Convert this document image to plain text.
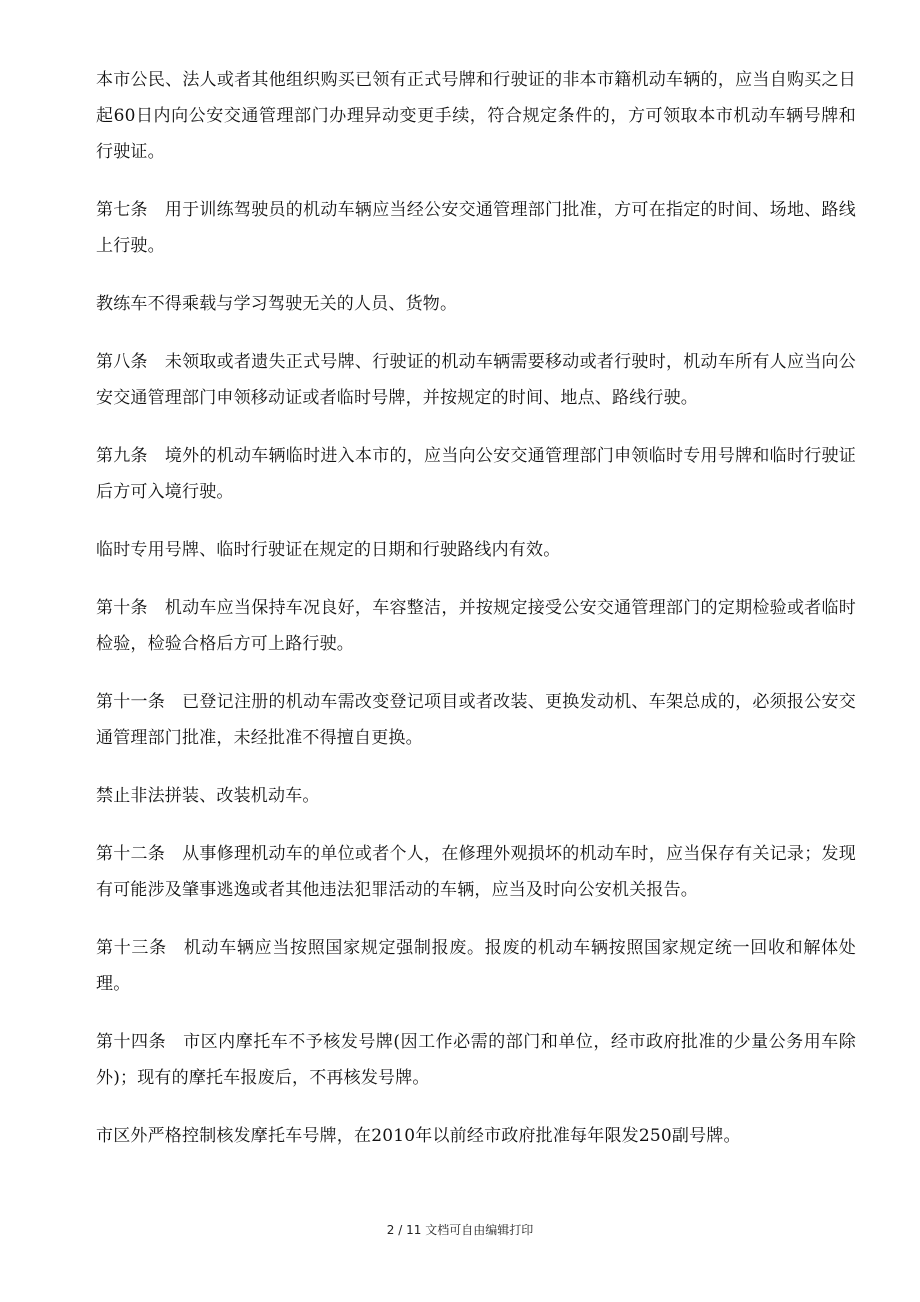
本市公民、法人或者其他组织购买已领有正式号牌和行驶证的非本市籍机动车辆的，应当自购买之日起60日内向公安交通管理部门办理异动变更手续，符合规定条件的，方可领取本市机动车辆号牌和行驶证。

第七条 用于训练驾驶员的机动车辆应当经公安交通管理部门批准，方可在指定的时间、场地、路线上行驶。

教练车不得乘载与学习驾驶无关的人员、货物。

第八条 未领取或者遗失正式号牌、行驶证的机动车辆需要移动或者行驶时，机动车所有人应当向公安交通管理部门申领移动证或者临时号牌，并按规定的时间、地点、路线行驶。

第九条 境外的机动车辆临时进入本市的，应当向公安交通管理部门申领临时专用号牌和临时行驶证后方可入境行驶。

临时专用号牌、临时行驶证在规定的日期和行驶路线内有效。

第十条 机动车应当保持车况良好，车容整洁，并按规定接受公安交通管理部门的定期检验或者临时检验，检验合格后方可上路行驶。

第十一条 已登记注册的机动车需改变登记项目或者改装、更换发动机、车架总成的，必须报公安交通管理部门批准，未经批准不得擅自更换。

禁止非法拼装、改装机动车。

第十二条 从事修理机动车的单位或者个人，在修理外观损坏的机动车时，应当保存有关记录；发现有可能涉及肇事逃逸或者其他违法犯罪活动的车辆，应当及时向公安机关报告。

第十三条 机动车辆应当按照国家规定强制报废。报废的机动车辆按照国家规定统一回收和解体处理。

第十四条 市区内摩托车不予核发号牌(因工作必需的部门和单位，经市政府批准的少量公务用车除外)；现有的摩托车报废后，不再核发号牌。

市区外严格控制核发摩托车号牌，在2010年以前经市政府批准每年限发250副号牌。

2 / 11 文档可自由编辑打印
